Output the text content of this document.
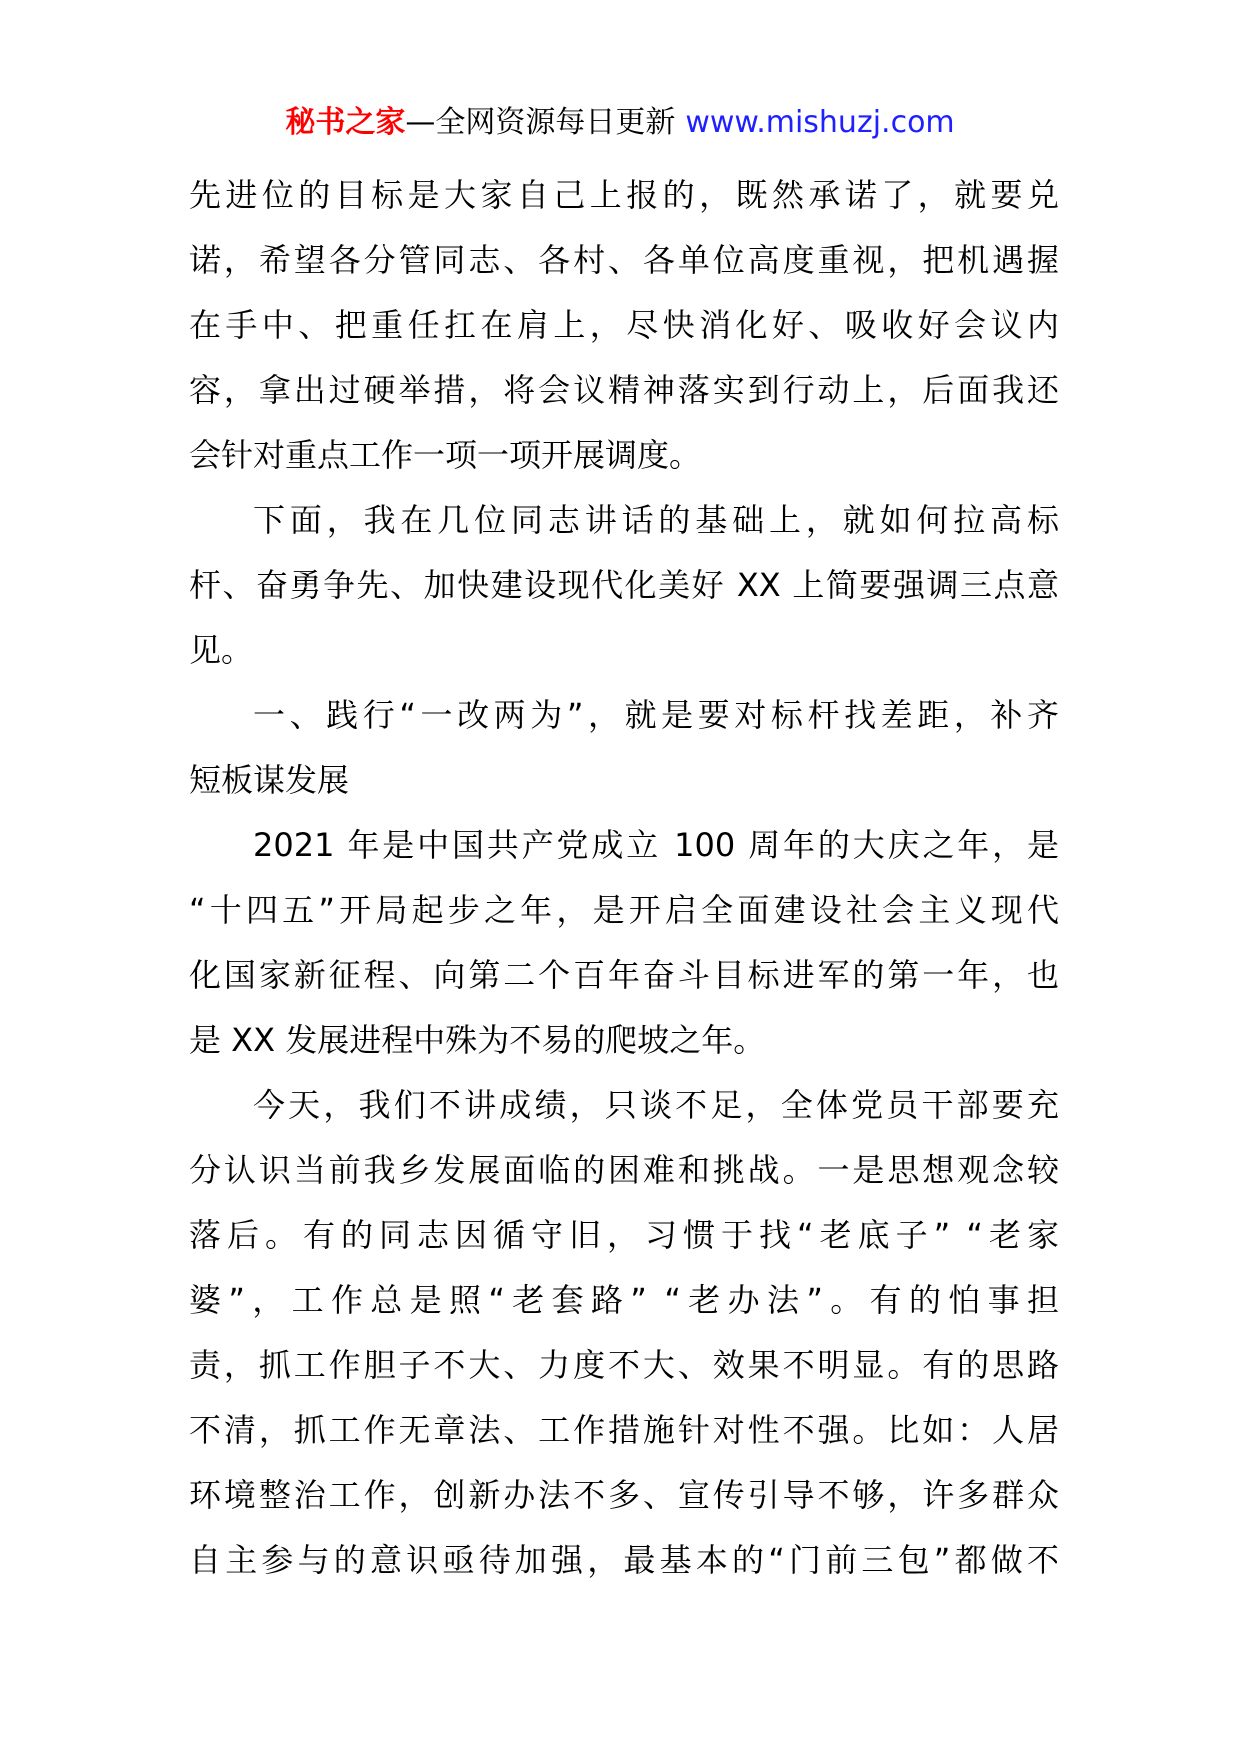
秘书之家—全网资源每日更新 www.mishuzj.com
先进位的目标是大家自己上报的，既然承诺了，就要兑
诺，希望各分管同志、各村、各单位高度重视，把机遇握
在手中、把重任扛在肩上，尽快消化好、吸收好会议内
容，拿出过硬举措，将会议精神落实到行动上，后面我还
会针对重点工作一项一项开展调度。
下面，我在几位同志讲话的基础上，就如何拉高标
杆、奋勇争先、加快建设现代化美好 XX 上简要强调三点意
见。
一、践行“一改两为”，就是要对标杆找差距，补齐
短板谋发展
2021 年是中国共产党成立 100 周年的大庆之年，是
“十四五”开局起步之年，是开启全面建设社会主义现代
化国家新征程、向第二个百年奋斗目标进军的第一年，也
是 XX 发展进程中殊为不易的爬坡之年。
今天，我们不讲成绩，只谈不足，全体党员干部要充
分认识当前我乡发展面临的困难和挑战。一是思想观念较
落后。有的同志因循守旧，习惯于找“老底子” “老家
婆”，工作总是照“老套路” “老办法”。有的怕事担
责，抓工作胆子不大、力度不大、效果不明显。有的思路
不清，抓工作无章法、工作措施针对性不强。比如：人居
环境整治工作，创新办法不多、宣传引导不够，许多群众
自主参与的意识亟待加强，最基本的“门前三包”都做不
